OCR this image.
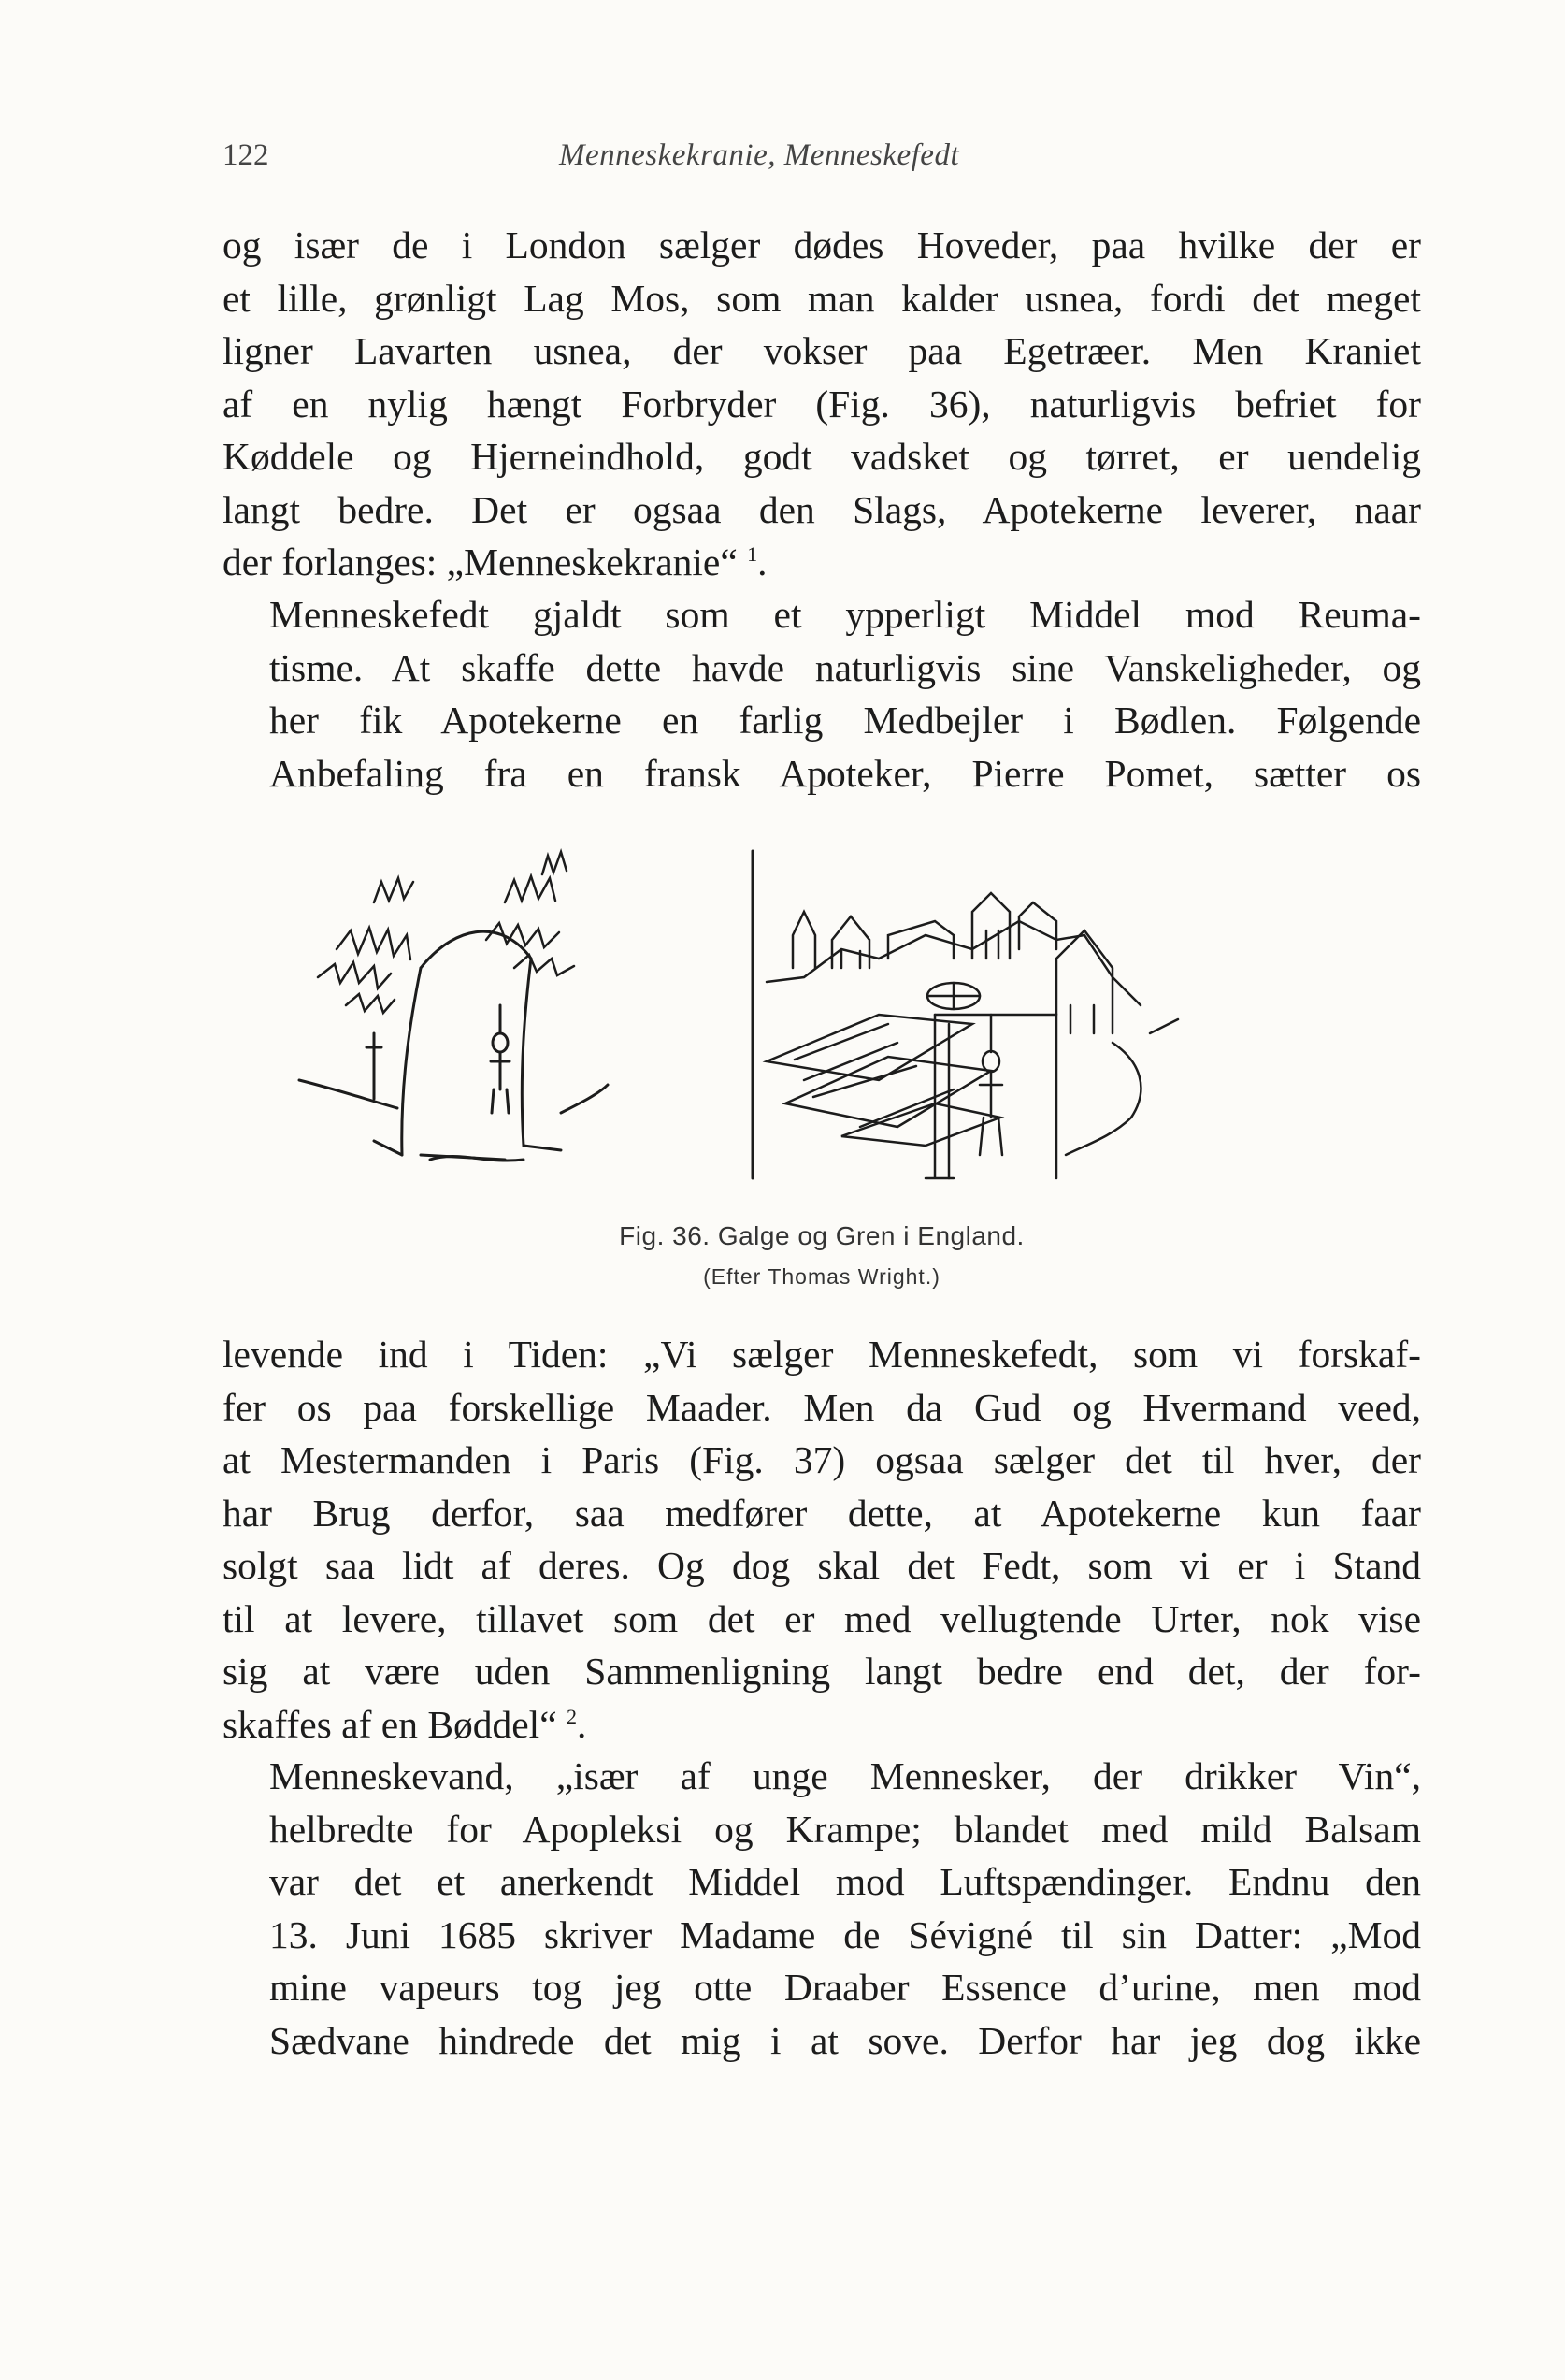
122	Menneskekranie, Menneskefedt
og især de i London sælger dødes Hoveder, paa hvilke der er
et lille, grønligt Lag Mos, som man kalder usnea, fordi det meget
ligner Lavarten usnea, der vokser paa Egetræer. Men Kraniet
af en nylig hængt Forbryder (Fig. 36), naturligvis befriet for
Køddele og Hjerneindhold, godt vadsket og tørret, er uendelig
langt bedre. Det er ogsaa den Slags, Apotekerne leverer, naar
der forlanges: „Menneskekranie“ $^1$.
Menneskefedt gjaldt som et ypperligt Middel mod Reuma-
tisme. At skaffe dette havde naturligvis sine Vanskeligheder, og
her fik Apotekerne en farlig Medbejler i Bødlen. Følgende
Anbefaling fra en fransk Apoteker, Pierre Pomet, sætter os
Fig. 36. Galge og Gren i England.
(Efter Thomas Wright.)
levende ind i Tiden: „Vi sælger Menneskefedt, som vi forskaf-
fer os paa forskellige Maader. Men da Gud og Hvermand veed,
at Mestermanden i Paris (Fig. 37) ogsaa sælger det til hver, der
har Brug derfor, saa medfører dette, at Apotekerne kun faar
solgt saa lidt af deres. Og dog skal det Fedt, som vi er i Stand
til at levere, tillavet som det er med vellugtende Urter, nok vise
sig at være uden Sammenligning langt bedre end det, der for-
skaffes af en Bøddel“ $^2$.
Menneskevand, „især af unge Mennesker, der drikker Vin“,
helbredte for Apopleksi og Krampe; blandet med mild Balsam
var det et anerkendt Middel mod Luftspændinger. Endnu den
13. Juni 1685 skriver Madame de Sévigné til sin Datter: „Mod
mine vapeurs tog jeg otte Draaber Essence d’urine, men mod
Sædvane hindrede det mig i at sove. Derfor har jeg dog ikke
